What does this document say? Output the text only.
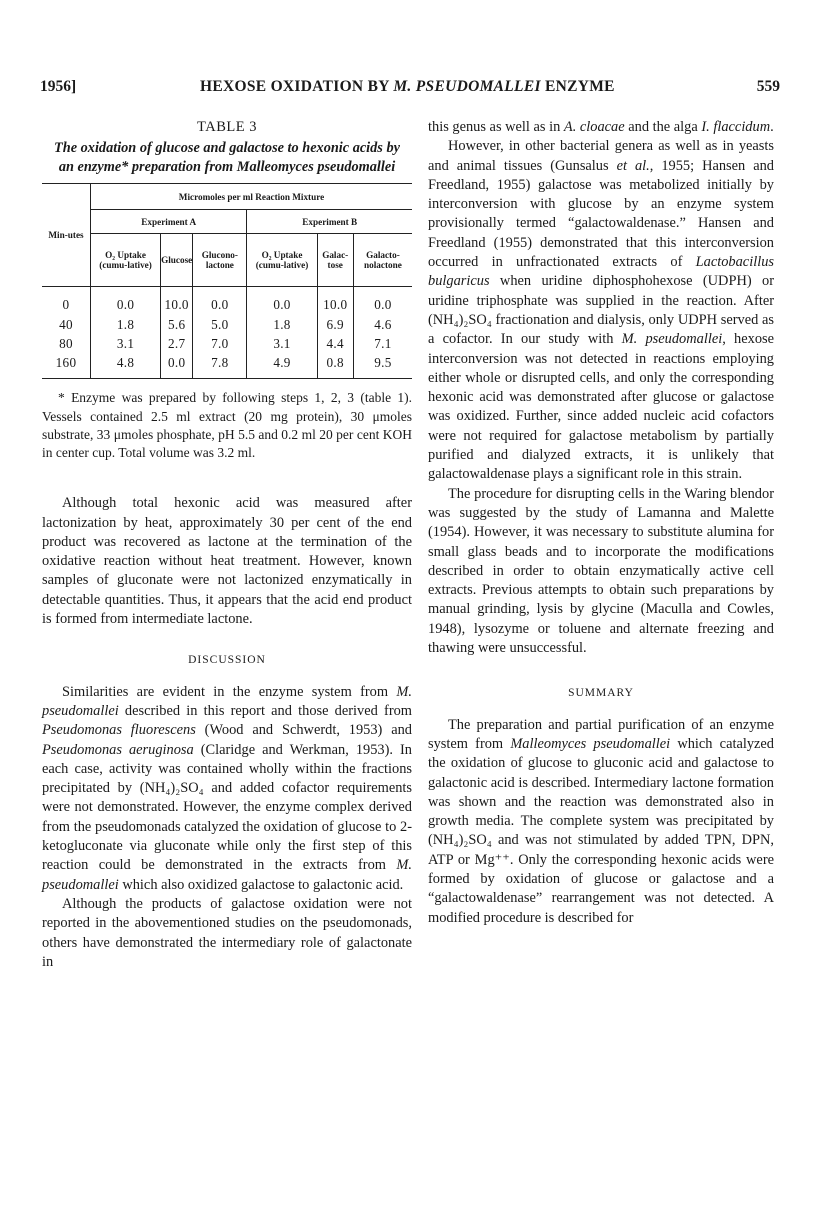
1956]	HEXOSE OXIDATION BY M. PSEUDOMALLEI ENZYME	559
TABLE 3
The oxidation of glucose and galactose to hexonic acids by an enzyme* preparation from Malleomyces pseudomallei
Min-utes	Micromoles per ml Reaction Mixture					
	Experiment A			Experiment B		
	O₂ Uptake (cumu-lative)	Glucose	Glucono-lactone	O₂ Uptake (cumu-lative)	Galac-tose	Galacto-nolactone
0	0.0	10.0	0.0	0.0	10.0	0.0
40	1.8	5.6	5.0	1.8	6.9	4.6
80	3.1	2.7	7.0	3.1	4.4	7.1
160	4.8	0.0	7.8	4.9	0.8	9.5
* Enzyme was prepared by following steps 1, 2, 3 (table 1). Vessels contained 2.5 ml extract (20 mg protein), 30 μmoles substrate, 33 μmoles phosphate, pH 5.5 and 0.2 ml 20 per cent KOH in center cup. Total volume was 3.2 ml.

Although total hexonic acid was measured after lactonization by heat, approximately 30 per cent of the end product was recovered as lactone at the termination of the oxidative reaction without heat treatment. However, known samples of gluconate were not lactonized enzymatically in detectable quantities. Thus, it appears that the acid end product is formed from intermediate lactone.

DISCUSSION

Similarities are evident in the enzyme system from M. pseudomallei described in this report and those derived from Pseudomonas fluorescens (Wood and Schwerdt, 1953) and Pseudomonas aeruginosa (Claridge and Werkman, 1953). In each case, activity was contained wholly within the fractions precipitated by (NH₄)₂SO₄ and added cofactor requirements were not demonstrated. However, the enzyme complex derived from the pseudomonads catalyzed the oxidation of glucose to 2-ketogluconate via gluconate while only the first step of this reaction could be demonstrated in the extracts from M. pseudomallei which also oxidized galactose to galactonic acid.

Although the products of galactose oxidation were not reported in the abovementioned studies on the pseudomonads, others have demonstrated the intermediary role of galactonate in

this genus as well as in A. cloacae and the alga I. flaccidum.

However, in other bacterial genera as well as in yeasts and animal tissues (Gunsalus et al., 1955; Hansen and Freedland, 1955) galactose was metabolized initially by interconversion with glucose by an enzyme system provisionally termed “galactowaldenase.” Hansen and Freedland (1955) demonstrated that this interconversion occurred in unfractionated extracts of Lactobacillus bulgaricus when uridine diphosphohexose (UDPH) or uridine triphosphate was supplied in the reaction. After (NH₄)₂SO₄ fractionation and dialysis, only UDPH served as a cofactor. In our study with M. pseudomallei, hexose interconversion was not detected in reactions employing either whole or disrupted cells, and only the corresponding hexonic acid was demonstrated after glucose or galactose was oxidized. Further, since added nucleic acid cofactors were not required for galactose metabolism by partially purified and dialyzed extracts, it is unlikely that galactowaldenase plays a significant role in this strain.

The procedure for disrupting cells in the Waring blendor was suggested by the study of Lamanna and Malette (1954). However, it was necessary to substitute alumina for small glass beads and to incorporate the modifications described in order to obtain enzymatically active cell extracts. Previous attempts to obtain such preparations by manual grinding, lysis by glycine (Maculla and Cowles, 1948), lysozyme or toluene and alternate freezing and thawing were unsuccessful.

SUMMARY

The preparation and partial purification of an enzyme system from Malleomyces pseudomallei which catalyzed the oxidation of glucose to gluconic acid and galactose to galactonic acid is described. Intermediary lactone formation was shown and the reaction was demonstrated also in growth media. The complete system was precipitated by (NH₄)₂SO₄ and was not stimulated by added TPN, DPN, ATP or Mg⁺⁺. Only the corresponding hexonic acids were formed by oxidation of glucose or galactose and a “galactowaldenase” rearrangement was not detected. A modified procedure is described for
